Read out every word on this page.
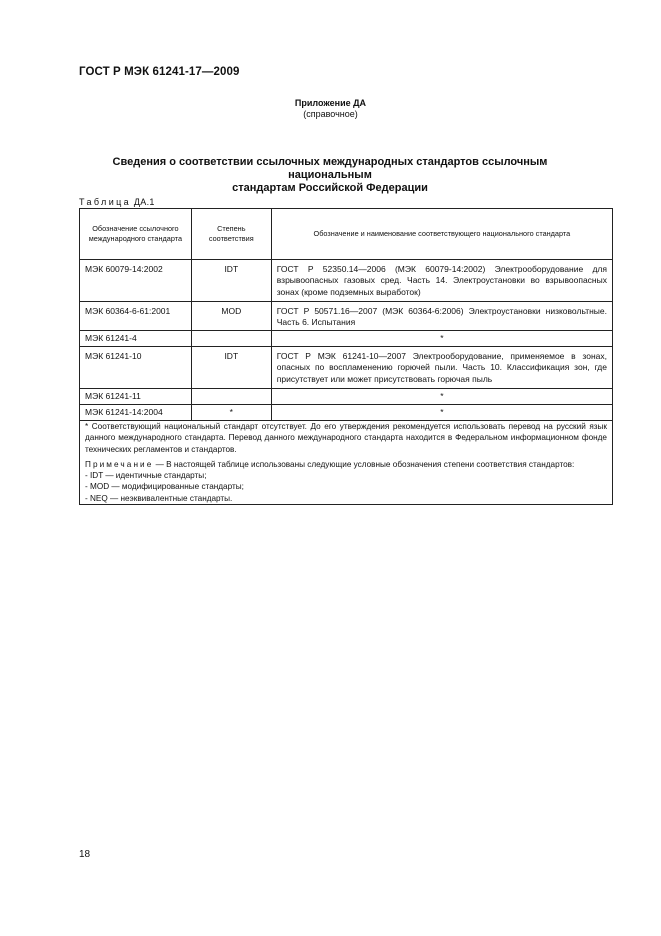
ГОСТ Р МЭК 61241-17—2009
Приложение ДА
(справочное)
Сведения о соответствии ссылочных международных стандартов ссылочным национальным
стандартам Российской Федерации
Таблица ДА.1
Обозначение ссылочного международного стандарта	Степень соответствия	Обозначение и наименование соответствующего национального стандарта
МЭК 60079-14:2002	IDT	ГОСТ Р 52350.14—2006 (МЭК 60079-14:2002) Электрооборудование для взрывоопасных газовых сред. Часть 14. Электроустановки во взрывоопасных зонах (кроме подземных выработок)
МЭК 60364-6-61:2001	MOD	ГОСТ Р 50571.16—2007 (МЭК 60364-6:2006) Электроустановки низковольтные. Часть 6. Испытания
МЭК 61241-4		*
МЭК 61241-10	IDT	ГОСТ Р МЭК 61241-10—2007 Электрооборудование, применяемое в зонах, опасных по воспламенению горючей пыли. Часть 10. Классификация зон, где присутствует или может присутствовать горючая пыль
МЭК 61241-11		*
МЭК 61241-14:2004	*	*

* Соответствующий национальный стандарт отсутствует. До его утверждения рекомендуется использовать перевод на русский язык данного международного стандарта. Перевод данного международного стандарта находится в Федеральном информационном фонде технических регламентов и стандартов.

Примечание — В настоящей таблице использованы следующие условные обозначения степени соответствия стандартов:

- IDT — идентичные стандарты;

- MOD — модифицированные стандарты;

- NEQ — неэквивалентные стандарты.		

18
